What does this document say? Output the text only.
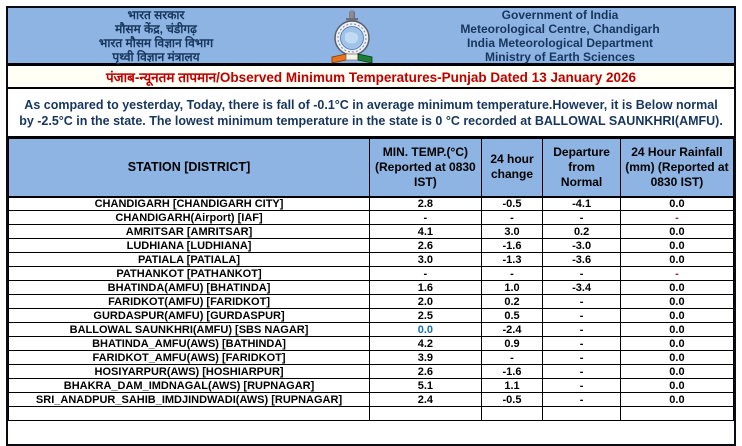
भारत सरकार
मौसम केंद्र, चंडीगढ़
भारत मौसम विज्ञान विभाग
पृथ्वी विज्ञान मंत्रालय
Government of India
Meteorological Centre, Chandigarh
India Meteorological Department
Ministry of Earth Sciences
पंजाब-न्यूनतम तापमान/Observed Minimum Temperatures-Punjab Dated 13 January 2026
As compared to yesterday, Today, there is fall of -0.1°C in average minimum temperature.However, it is Below normal by -2.5°C in the state. The lowest minimum temperature in the state is 0 °C recorded at BALLOWAL SAUNKHRI(AMFU).
STATION [DISTRICT]	MIN. TEMP.(°C) (Reported at 0830 IST)	24 hour change	Departure from Normal	24 Hour Rainfall (mm) (Reported at 0830 IST)
CHANDIGARH [CHANDIGARH CITY]	2.8	-0.5	-4.1	0.0
CHANDIGARH(Airport) [IAF]	-	-	-	-
AMRITSAR [AMRITSAR]	4.1	3.0	0.2	0.0
LUDHIANA [LUDHIANA]	2.6	-1.6	-3.0	0.0
PATIALA [PATIALA]	3.0	-1.3	-3.6	0.0
PATHANKOT [PATHANKOT]	-	-	-	-
BHATINDA(AMFU) [BHATINDA]	1.6	1.0	-3.4	0.0
FARIDKOT(AMFU) [FARIDKOT]	2.0	0.2	-	0.0
GURDASPUR(AMFU) [GURDASPUR]	2.5	0.5	-	0.0
BALLOWAL SAUNKHRI(AMFU) [SBS NAGAR]	0.0	-2.4	-	0.0
BHATINDA_AMFU(AWS) [BATHINDA]	4.2	0.9	-	0.0
FARIDKOT_AMFU(AWS) [FARIDKOT]	3.9	-	-	0.0
HOSIYARPUR(AWS) [HOSHIARPUR]	2.6	-1.6	-	0.0
BHAKRA_DAM_IMDNAGAL(AWS) [RUPNAGAR]	5.1	1.1	-	0.0
SRI_ANADPUR_SAHIB_IMDJINDWADI(AWS) [RUPNAGAR]	2.4	-0.5	-	0.0
